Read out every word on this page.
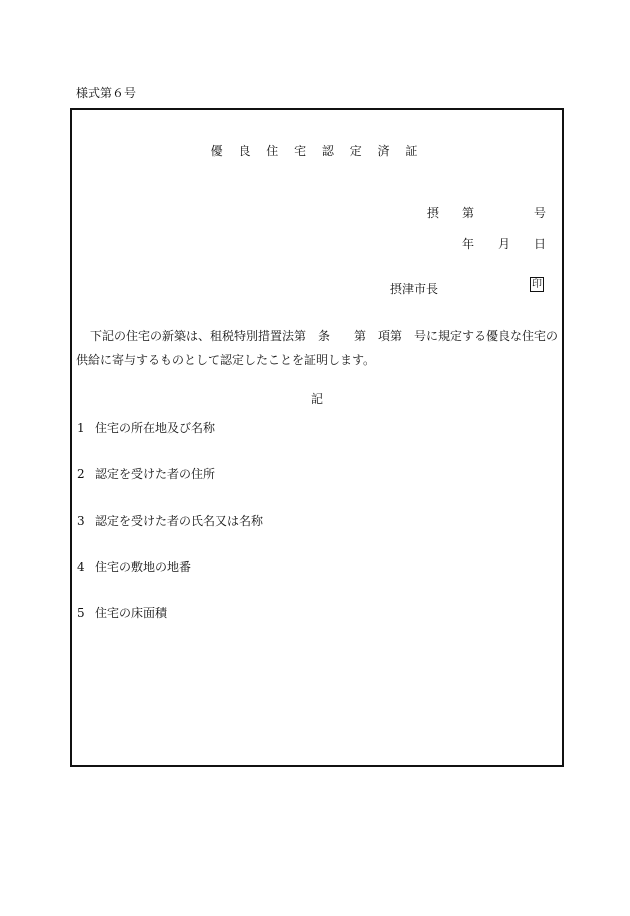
様式第６号
優 良 住 宅 認 定 済 証
摂 第	号
年 月 日
摂津市長	印
下記の住宅の新築は、租税特別措置法第　条　　第　項第　号に規定する優良な住宅の供給に寄与するものとして認定したことを証明します。
記
1 住宅の所在地及び名称
2 認定を受けた者の住所
3 認定を受けた者の氏名又は名称
4 住宅の敷地の地番
5 住宅の床面積
